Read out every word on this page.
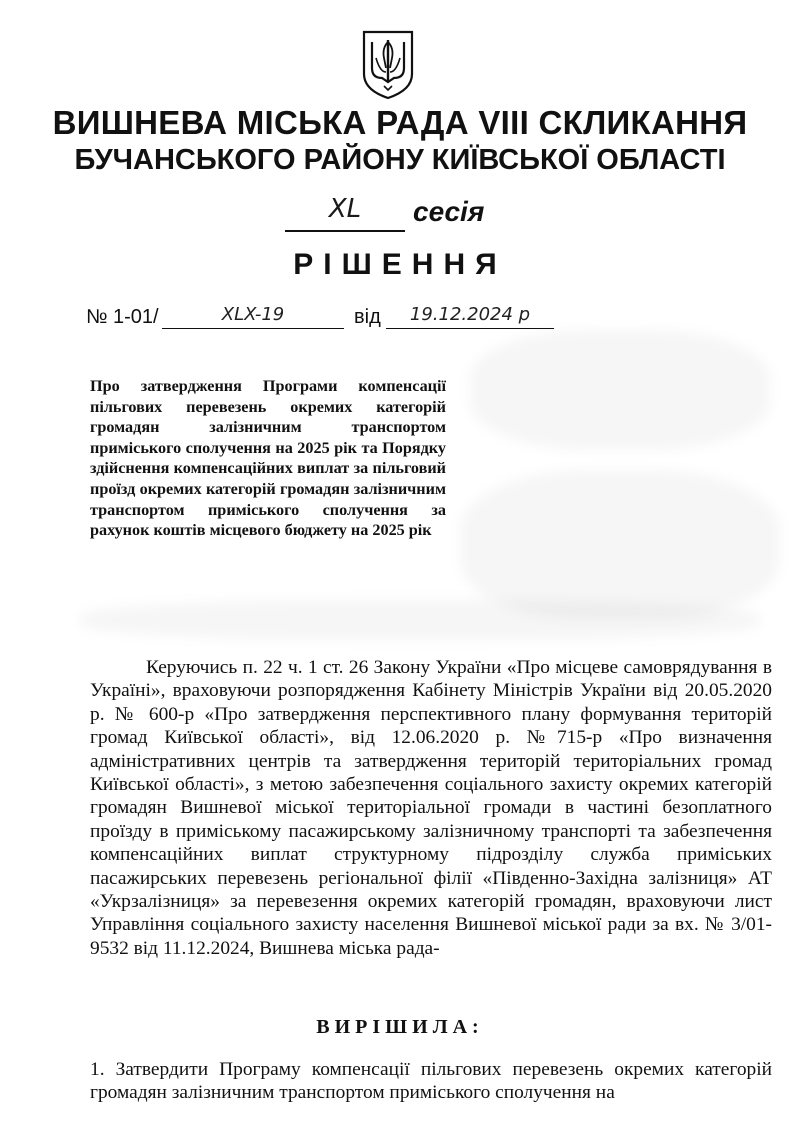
ВИШНЕВА МІСЬКА РАДА VIII СКЛИКАННЯ
БУЧАНСЬКОГО РАЙОНУ КИЇВСЬКОЇ ОБЛАСТІ
XL	сесія
РІШЕННЯ
№ 1-01/	XLX-19	від	19.12.2024 р

Про затвердження Програми компенсації пільгових перевезень окремих категорій громадян залізничним транспортом приміського сполучення на 2025 рік та Порядку здійснення компенсаційних виплат за пільговий проїзд окремих категорій громадян залізничним транспортом приміського сполучення за рахунок коштів місцевого бюджету на 2025 рік

Керуючись п. 22 ч. 1 ст. 26 Закону України «Про місцеве самоврядування в Україні», враховуючи розпорядження Кабінету Міністрів України від 20.05.2020 р. № 600-р «Про затвердження перспективного плану формування територій громад Київської області», від 12.06.2020 р. №715-р «Про визначення адміністративних центрів та затвердження територій територіальних громад Київської області», з метою забезпечення соціального захисту окремих категорій громадян Вишневої міської територіальної громади в частині безоплатного проїзду в приміському пасажирському залізничному транспорті та забезпечення компенсаційних виплат структурному підрозділу служба приміських пасажирських перевезень регіональної філії «Південно-Західна залізниця» АТ «Укрзалізниця» за перевезення окремих категорій громадян, враховуючи лист Управління соціального захисту населення Вишневої міської ради за вх. № 3/01- 9532 від 11.12.2024, Вишнева міська рада-

ВИРІШИЛА:

1. Затвердити Програму компенсації пільгових перевезень окремих категорій громадян залізничним транспортом приміського сполучення на
